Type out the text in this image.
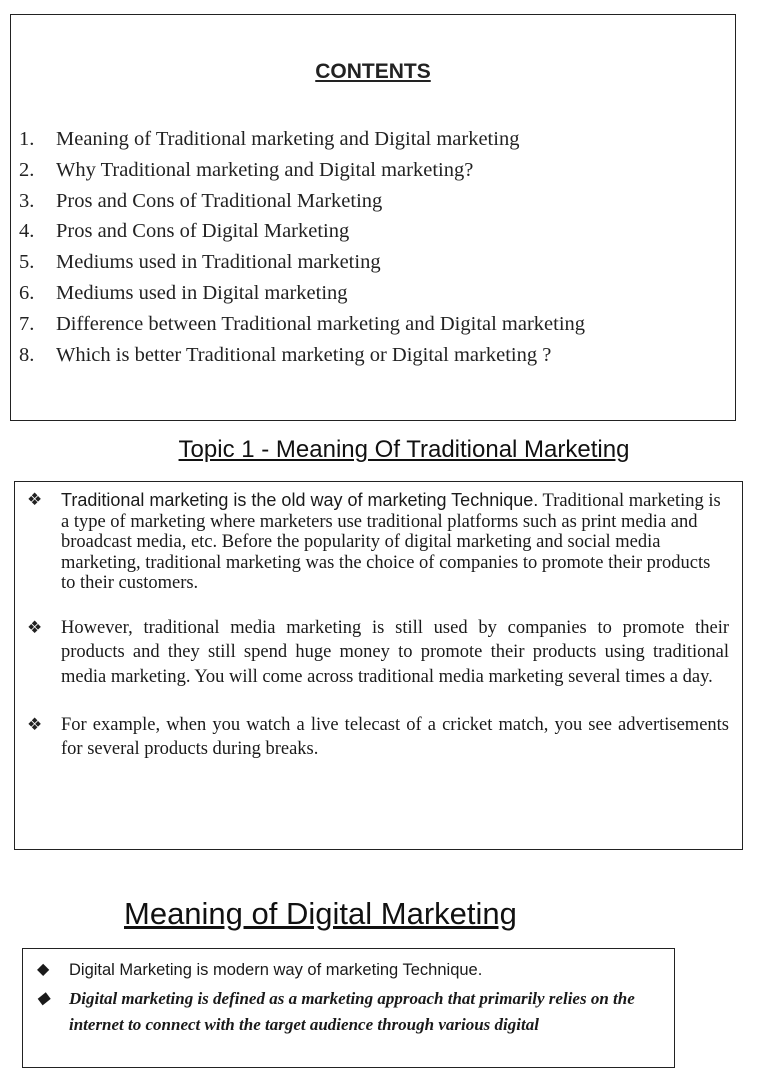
CONTENTS
1. Meaning of Traditional marketing and Digital marketing
2. Why Traditional marketing and Digital marketing?
3. Pros and Cons of Traditional Marketing
4. Pros and Cons of Digital Marketing
5. Mediums used in Traditional marketing
6. Mediums used in Digital marketing
7. Difference between Traditional marketing and Digital marketing
8. Which is better Traditional marketing or Digital marketing ?
Topic 1 - Meaning Of Traditional Marketing
❖ Traditional marketing is the old way of marketing Technique. Traditional marketing is a type of marketing where marketers use traditional platforms such as print media and broadcast media, etc. Before the popularity of digital marketing and social media marketing, traditional marketing was the choice of companies to promote their products to their customers.
❖ However, traditional media marketing is still used by companies to promote their products and they still spend huge money to promote their products using traditional media marketing. You will come across traditional media marketing several times a day.
❖ For example, when you watch a live telecast of a cricket match, you see advertisements for several products during breaks.
Meaning of Digital Marketing
◆ Digital Marketing is modern way of marketing Technique.
◆ Digital marketing is defined as a marketing approach that primarily relies on the internet to connect with the target audience through various digital
